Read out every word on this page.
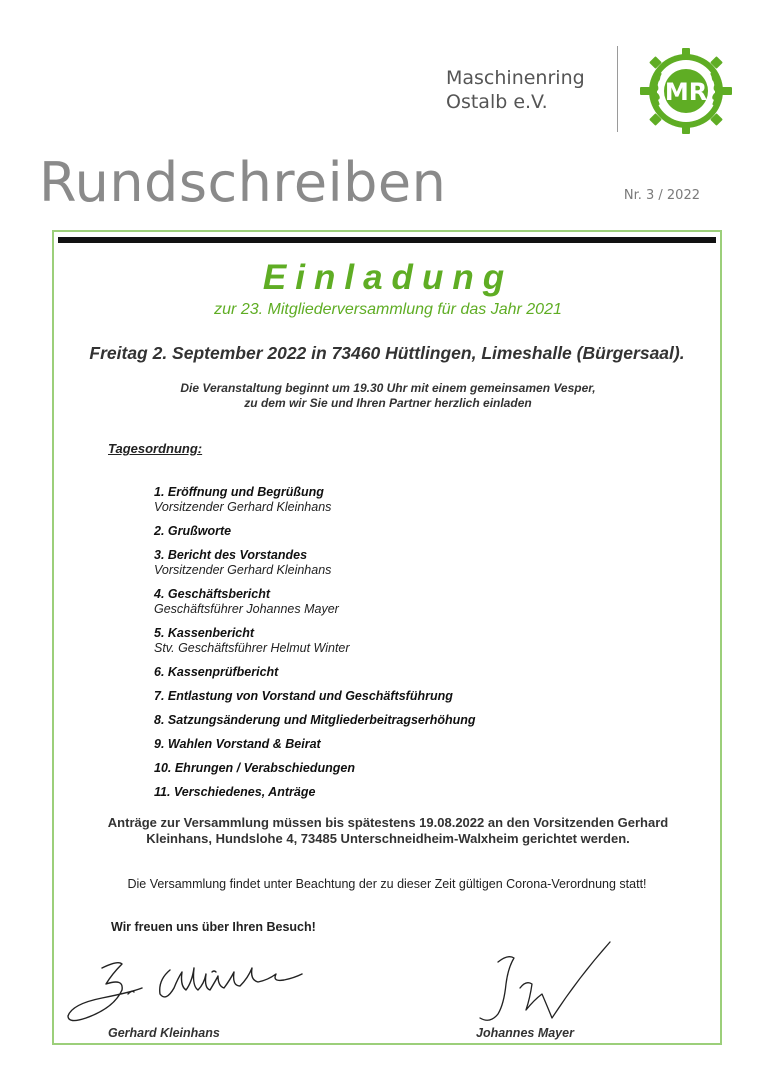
Maschinenring
Ostalb e.V.	MR
Rundschreiben	Nr. 3 / 2022
Einladung
zur 23. Mitgliederversammlung für das Jahr 2021
Freitag 2. September 2022 in 73460 Hüttlingen, Limeshalle (Bürgersaal).
Die Veranstaltung beginnt um 19.30 Uhr mit einem gemeinsamen Vesper,
zu dem wir Sie und Ihren Partner herzlich einladen
Tagesordnung:
1. Eröffnung und Begrüßung
Vorsitzender Gerhard Kleinhans
2. Grußworte
3. Bericht des Vorstandes
Vorsitzender Gerhard Kleinhans
4. Geschäftsbericht
Geschäftsführer Johannes Mayer
5. Kassenbericht
Stv. Geschäftsführer Helmut Winter
6. Kassenprüfbericht
7. Entlastung von Vorstand und Geschäftsführung
8. Satzungsänderung und Mitgliederbeitragserhöhung
9. Wahlen Vorstand & Beirat
10. Ehrungen / Verabschiedungen
11. Verschiedenes, Anträge
Anträge zur Versammlung müssen bis spätestens 19.08.2022 an den Vorsitzenden Gerhard
Kleinhans, Hundslohe 4, 73485 Unterschneidheim-Walxheim gerichtet werden.
Die Versammlung findet unter Beachtung der zu dieser Zeit gültigen Corona-Verordnung statt!
Wir freuen uns über Ihren Besuch!
Gerhard Kleinhans	Johannes Mayer
